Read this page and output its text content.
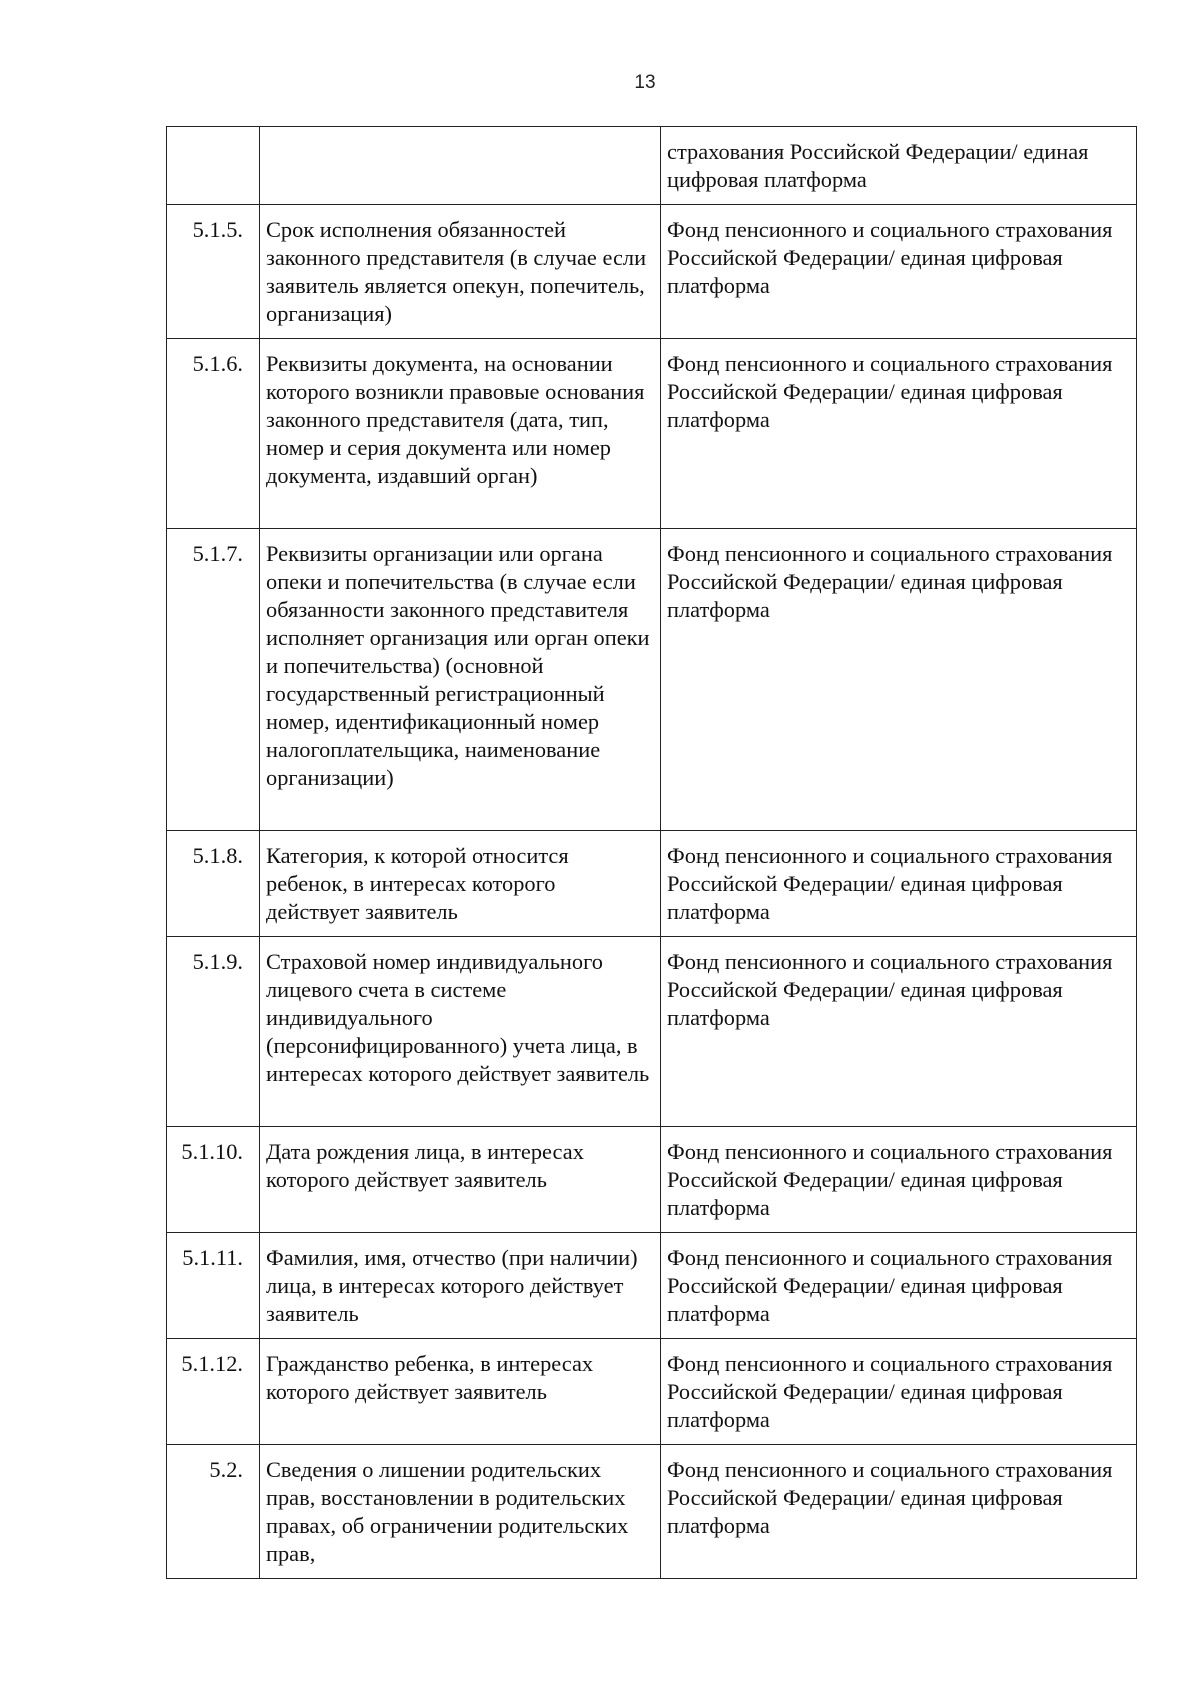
13
		страхования Российской Федерации/ единая цифровая платформа
5.1.5.	Срок исполнения обязанностей законного представителя (в случае если заявитель является опекун, попечитель, организация)	Фонд пенсионного и социального страхования Российской Федерации/ единая цифровая платформа
5.1.6.	Реквизиты документа, на основании которого возникли правовые основания законного представителя (дата, тип, номер и серия документа или номер документа, издавший орган)	Фонд пенсионного и социального страхования Российской Федерации/ единая цифровая платформа
5.1.7.	Реквизиты организации или органа опеки и попечительства (в случае если обязанности законного представителя исполняет организация или орган опеки и попечительства) (основной государственный регистрационный номер, идентификационный номер налогоплательщика, наименование организации)	Фонд пенсионного и социального страхования Российской Федерации/ единая цифровая платформа
5.1.8.	Категория, к которой относится ребенок, в интересах которого действует заявитель	Фонд пенсионного и социального страхования Российской Федерации/ единая цифровая платформа
5.1.9.	Страховой номер индивидуального лицевого счета в системе индивидуального (персонифицированного) учета лица, в интересах которого действует заявитель	Фонд пенсионного и социального страхования Российской Федерации/ единая цифровая платформа
5.1.10.	Дата рождения лица, в интересах которого действует заявитель	Фонд пенсионного и социального страхования Российской Федерации/ единая цифровая платформа
5.1.11.	Фамилия, имя, отчество (при наличии) лица, в интересах которого действует заявитель	Фонд пенсионного и социального страхования Российской Федерации/ единая цифровая платформа
5.1.12.	Гражданство ребенка, в интересах которого действует заявитель	Фонд пенсионного и социального страхования Российской Федерации/ единая цифровая платформа
5.2.	Сведения о лишении родительских прав, восстановлении в родительских правах, об ограничении родительских прав,	Фонд пенсионного и социального страхования Российской Федерации/ единая цифровая платформа
